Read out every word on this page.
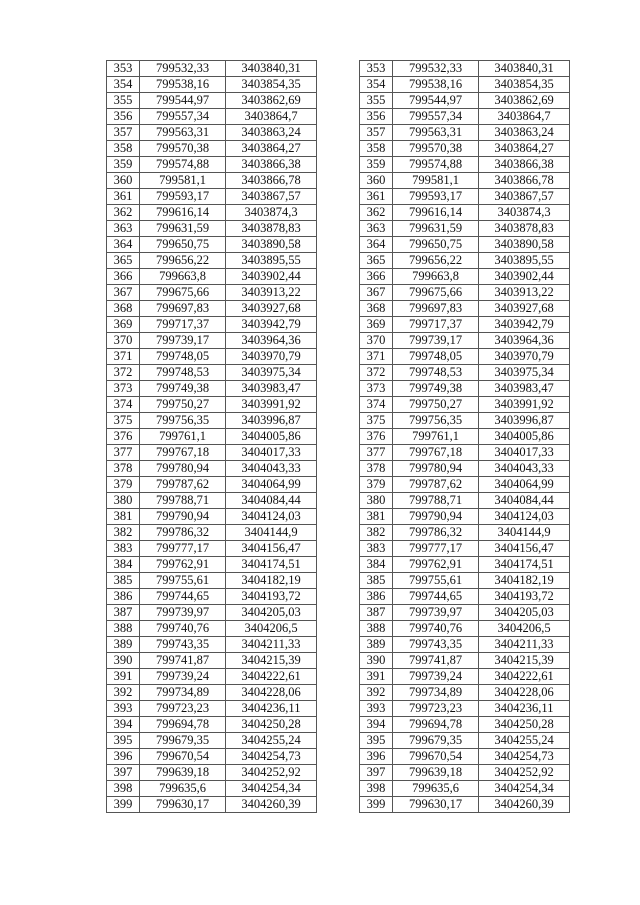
353	799532,33	3403840,31
354	799538,16	3403854,35
355	799544,97	3403862,69
356	799557,34	3403864,7
357	799563,31	3403863,24
358	799570,38	3403864,27
359	799574,88	3403866,38
360	799581,1	3403866,78
361	799593,17	3403867,57
362	799616,14	3403874,3
363	799631,59	3403878,83
364	799650,75	3403890,58
365	799656,22	3403895,55
366	799663,8	3403902,44
367	799675,66	3403913,22
368	799697,83	3403927,68
369	799717,37	3403942,79
370	799739,17	3403964,36
371	799748,05	3403970,79
372	799748,53	3403975,34
373	799749,38	3403983,47
374	799750,27	3403991,92
375	799756,35	3403996,87
376	799761,1	3404005,86
377	799767,18	3404017,33
378	799780,94	3404043,33
379	799787,62	3404064,99
380	799788,71	3404084,44
381	799790,94	3404124,03
382	799786,32	3404144,9
383	799777,17	3404156,47
384	799762,91	3404174,51
385	799755,61	3404182,19
386	799744,65	3404193,72
387	799739,97	3404205,03
388	799740,76	3404206,5
389	799743,35	3404211,33
390	799741,87	3404215,39
391	799739,24	3404222,61
392	799734,89	3404228,06
393	799723,23	3404236,11
394	799694,78	3404250,28
395	799679,35	3404255,24
396	799670,54	3404254,73
397	799639,18	3404252,92
398	799635,6	3404254,34
399	799630,17	3404260,39
353	799532,33	3403840,31
354	799538,16	3403854,35
355	799544,97	3403862,69
356	799557,34	3403864,7
357	799563,31	3403863,24
358	799570,38	3403864,27
359	799574,88	3403866,38
360	799581,1	3403866,78
361	799593,17	3403867,57
362	799616,14	3403874,3
363	799631,59	3403878,83
364	799650,75	3403890,58
365	799656,22	3403895,55
366	799663,8	3403902,44
367	799675,66	3403913,22
368	799697,83	3403927,68
369	799717,37	3403942,79
370	799739,17	3403964,36
371	799748,05	3403970,79
372	799748,53	3403975,34
373	799749,38	3403983,47
374	799750,27	3403991,92
375	799756,35	3403996,87
376	799761,1	3404005,86
377	799767,18	3404017,33
378	799780,94	3404043,33
379	799787,62	3404064,99
380	799788,71	3404084,44
381	799790,94	3404124,03
382	799786,32	3404144,9
383	799777,17	3404156,47
384	799762,91	3404174,51
385	799755,61	3404182,19
386	799744,65	3404193,72
387	799739,97	3404205,03
388	799740,76	3404206,5
389	799743,35	3404211,33
390	799741,87	3404215,39
391	799739,24	3404222,61
392	799734,89	3404228,06
393	799723,23	3404236,11
394	799694,78	3404250,28
395	799679,35	3404255,24
396	799670,54	3404254,73
397	799639,18	3404252,92
398	799635,6	3404254,34
399	799630,17	3404260,39
